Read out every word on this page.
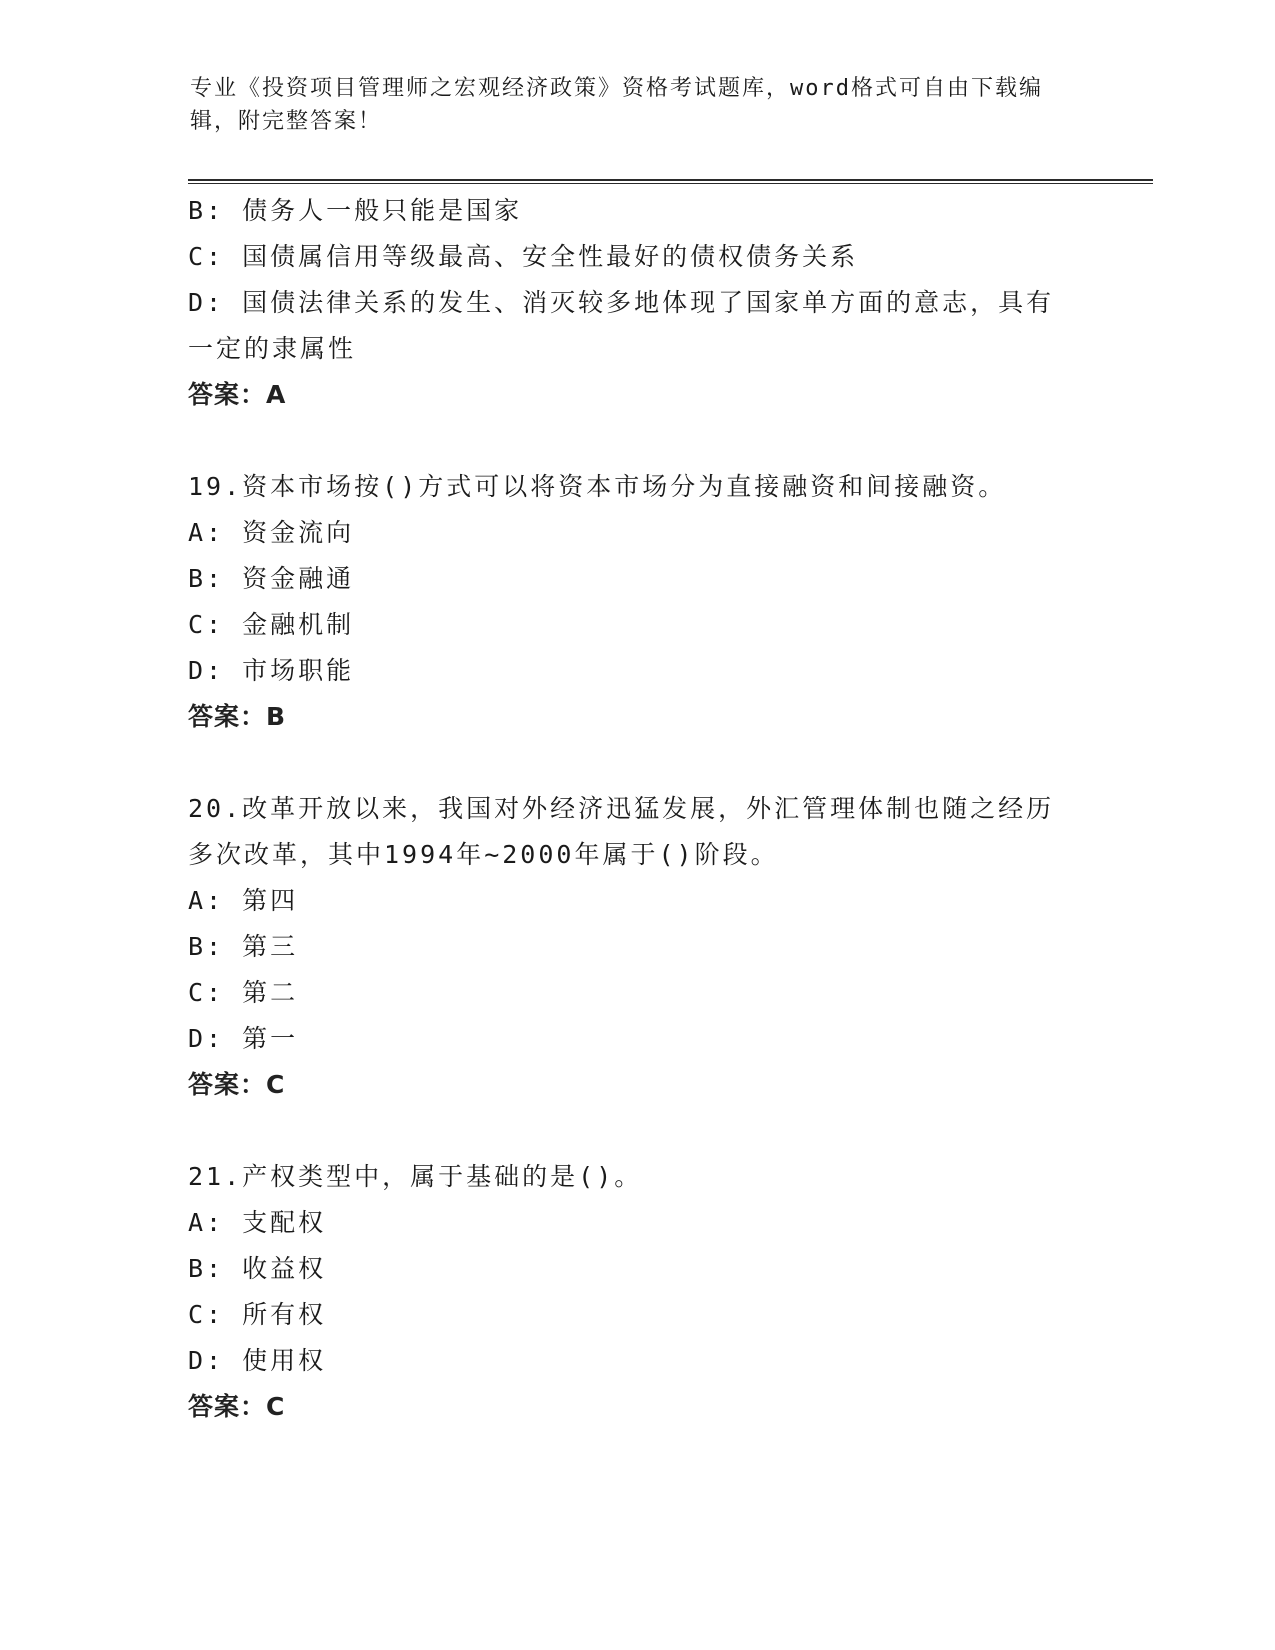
专业《投资项目管理师之宏观经济政策》资格考试题库，word格式可自由下载编
辑，附完整答案！
B: 债务人一般只能是国家
C: 国债属信用等级最高、安全性最好的债权债务关系
D: 国债法律关系的发生、消灭较多地体现了国家单方面的意志，具有
一定的隶属性
答案：A
19.资本市场按()方式可以将资本市场分为直接融资和间接融资。
A: 资金流向
B: 资金融通
C: 金融机制
D: 市场职能
答案：B
20.改革开放以来，我国对外经济迅猛发展，外汇管理体制也随之经历
多次改革，其中1994年~2000年属于()阶段。
A: 第四
B: 第三
C: 第二
D: 第一
答案：C
21.产权类型中，属于基础的是()。
A: 支配权
B: 收益权
C: 所有权
D: 使用权
答案：C
